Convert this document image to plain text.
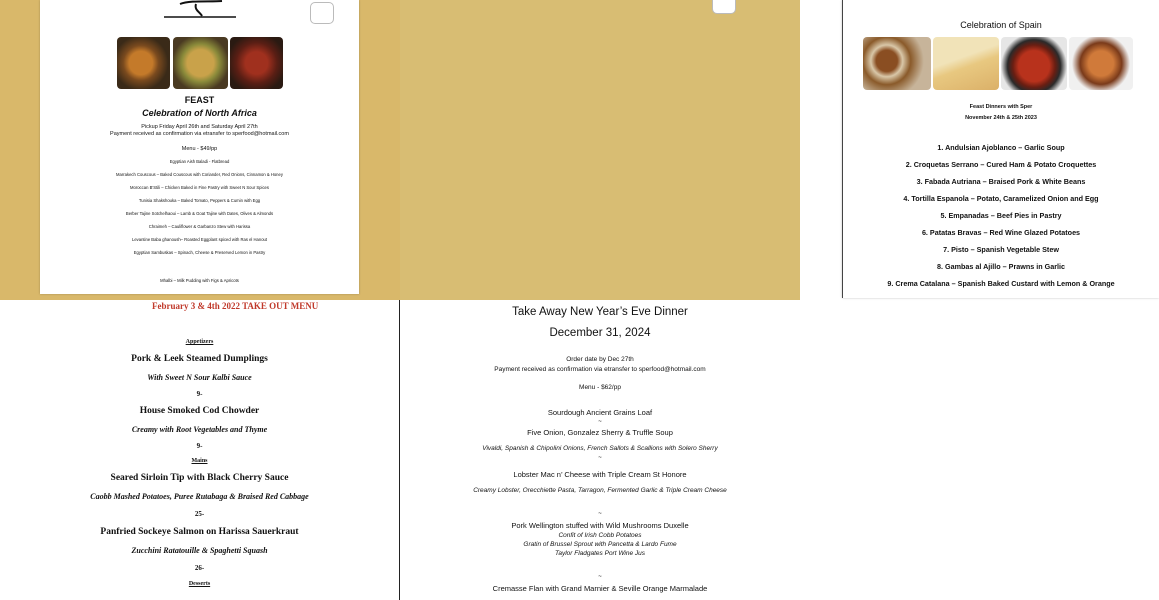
FEAST
Celebration of North Africa
Pickup Friday April 26th and Saturday April 27th
Payment received as confirmation via etransfer to sperfood@hotmail.com
Menu - $49/pp
Egyptian Aish Baladi - Flatbread
Marrakech Couscous – Baked Couscous with Coriander, Red Onions, Cinnamon & Honey
Moroccan B’Stili – Chicken Baked in Fine Pastry with Sweet N Sour Spices
Tunisia Shakshouka – Baked Tomato, Peppers & Cumin with Egg
Berber Tajine Sotchelhaoui – Lamb & Goat Tajine with Dates, Olives & Almonds
Chraimeh – Cauliflower & Garbanzo Stew with Harissa
Levantine Baba ghanoush– Roasted Eggplant spiced with Ras el Hanout
Egyptian Sambuskas – Spinach, Cheese & Preserved Lemon in Pastry
Mhalbi – Milk Pudding with Figs & Apricots
Celebration of Spain
Feast Dinners with Sper
November 24th & 25th 2023
1. Andulsian Ajoblanco – Garlic Soup
2. Croquetas Serrano – Cured Ham & Potato Croquettes
3. Fabada Autriana – Braised Pork & White Beans
4. Tortilla Espanola – Potato, Caramelized Onion and Egg
5. Empanadas – Beef Pies in Pastry
6. Patatas Bravas – Red Wine Glazed Potatoes
7. Pisto – Spanish Vegetable Stew
8. Gambas al Ajillo – Prawns in Garlic
9. Crema Catalana – Spanish Baked Custard with Lemon & Orange
February 3 & 4th 2022 TAKE OUT MENU
Appetizers
Pork & Leek Steamed Dumplings
With Sweet N Sour Kalbi Sauce
9-
House Smoked Cod Chowder
Creamy with Root Vegetables and Thyme
9-
Mains
Seared Sirloin Tip with Black Cherry Sauce
Caobb Mashed Potatoes, Puree Rutabaga & Braised Red Cabbage
25-
Panfried Sockeye Salmon on Harissa Sauerkraut
Zucchini Ratatouille & Spaghetti Squash
26-
Desserts
Take Away New Year’s Eve Dinner
December 31, 2024
Order date by Dec 27th
Payment received as confirmation via etransfer to sperfood@hotmail.com
Menu - $62/pp
Sourdough Ancient Grains Loaf
~
Five Onion, Gonzalez Sherry & Truffle Soup
Vivaldi, Spanish & Chipolini Onions, French Sallots & Scallions with Solero Sherry
~
Lobster Mac n’ Cheese with Triple Cream St Honore
Creamy Lobster, Orecchiette Pasta, Tarragon, Fermented Garlic & Triple Cream Cheese
~
Pork Wellington stuffed with Wild Mushrooms Duxelle
Confit of Irish Cobb Potatoes
Gratin of Brussel Sprout with Pancetta & Lardo Fume
Taylor Fladgates Port Wine Jus
~
Cremasse Flan with Grand Marnier & Seville Orange Marmalade
